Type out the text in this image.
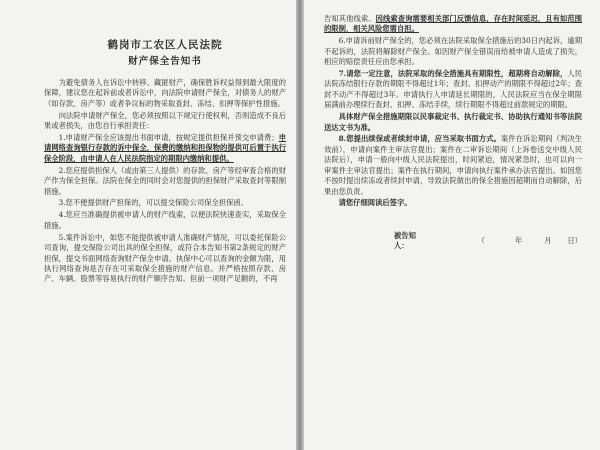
鹤岗市工农区人民法院
财产保全告知书

为避免债务人在诉讼中转移、藏匿财产，确保胜诉权益得到最大限度的保障，建议您在起诉前或者诉讼中，向法院申请财产保全，对债务人的财产（如存款、房产等）或者争议标的物采取查封、冻结、扣押等保护性措施。

向法院申请财产保全，您必须按照以下规定行使权利，否则造成不良后果或者损失，由您自行承担责任：

1.申请财产保全应该提出书面申请，按规定提供担保并预交申请费；申请网络查询银行存款的诉中保全，保费的缴纳和担保物的提供可后置于执行保全阶段，由申请人在人民法院指定的期限内缴纳和提供。

2.您应提供担保人（或由第三人提供）的存款、房产等经审查合格的财产作为保全担保。法院在保全的同时会对您提供的担保财产采取查封等限制措施。

3.您不便提供财产担保的，可以提交保险公司保全担保函。

4.您应当准确提供被申请人的财产线索，以便法院快速查实，采取保全措施。

5.案件诉讼中，如您不能提供被申请人准确财产情况，可以委托保险公司查询，提交保险公司出具的保全担保，或符合本告知书第2条规定的财产担保，提交书面网络查询财产保全申请。执保中心可以查询的金额为限，用执行网络查询是否存在可采取保全措施的财产信息。并严格按照存款、房产、车辆、股票等容易执行的财产顺序告知。但前一项财产足额的，不再

告知其他线索。因线索查询需要相关部门反馈信息，存在时间延迟，且有如范围的限制，相关风险您需自担。

6.申请诉前财产保全的，您必须在法院采取保全措施后的30日内起诉，逾期不起诉的，法院将解除财产保全。如因财产保全错误而给被申请人造成了损失，相应的赔偿责任应由您承担。

7.请您一定注意，法院采取的保全措施具有期限性，超期将自动解除，人民法院冻结银行存款的期限不得超过1年；查封、扣押动产的期限不得超过2年；查封不动产不得超过3年。申请执行人申请延长期限的，人民法院应当在保全期限届满前办理续行查封、扣押、冻结手续，续行期限不得超过前款规定的期限。

具体财产保全措施期限以民事裁定书、执行裁定书、协助执行通知书等法院送达文书为准。

8.您提出续保或者续封申请，应当采取书面方式。案件在诉讼期间（判决生效前），申请向案件主审法官提出；案件在二审诉讼期间（上诉卷送交中级人民法院后），申请一般向中级人民法院提出，时间紧迫，情况紧急时，也可以向一审案件主审法官提出；案件在执行期间，申请向执行案件承办法官提出。如因您不按时提出续冻或者续封申请，导致法院做出的保全措施因超期而自动解除，后果由您负责。

请您仔细阅读后签字。

被告知人：
（	年	月 日）
